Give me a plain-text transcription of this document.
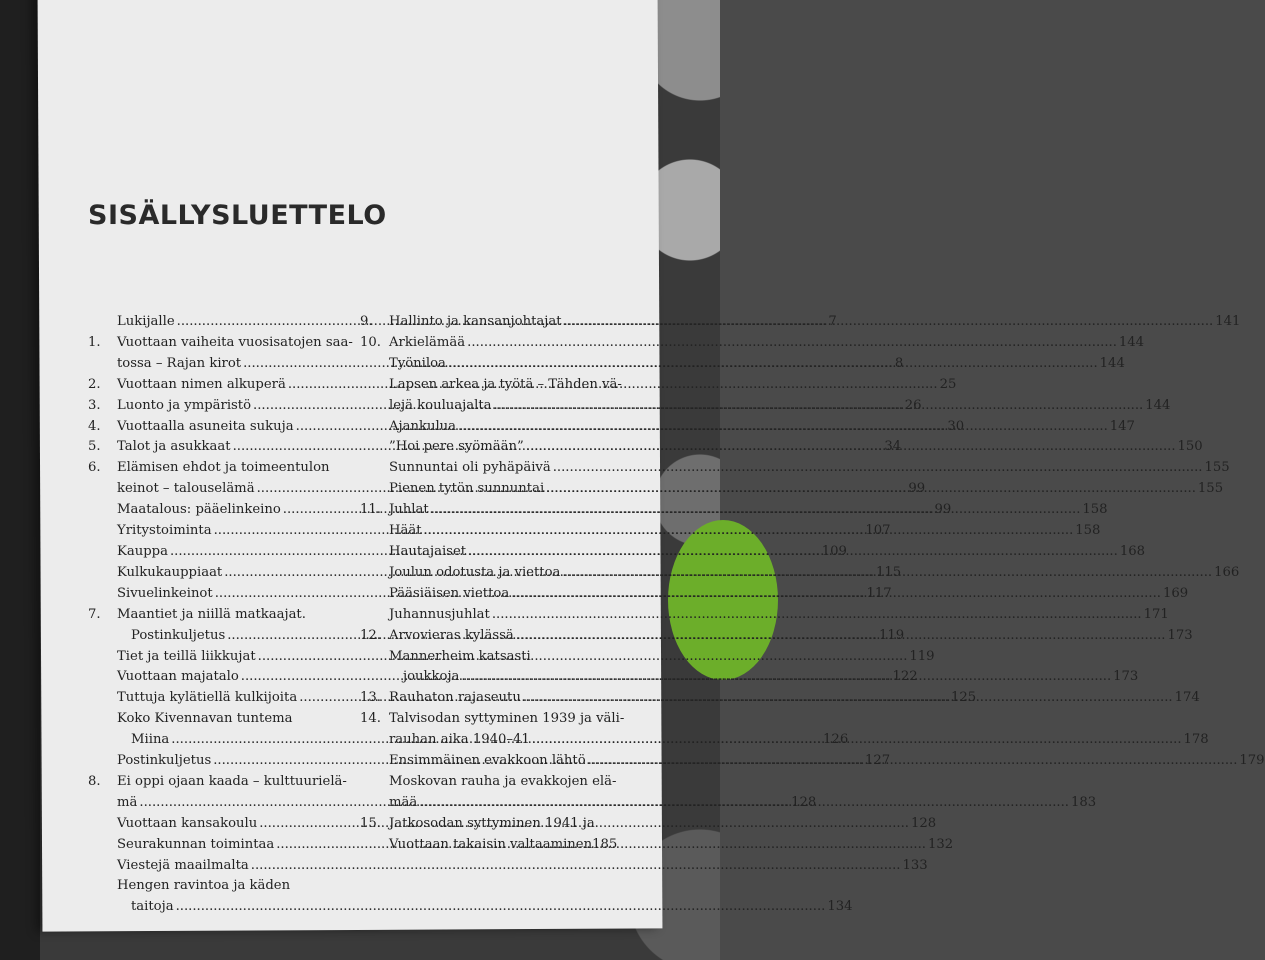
SISÄLLYSLUETTELO
Lukijalle .....	7
1.	Vuottaan vaiheita vuosisatojen saa-
tossa – Rajan kirot .....	8
2.	Vuottaan nimen alkuperä .....	25
3.	Luonto ja ympäristö .....	26
4.	Vuottaalla asuneita sukuja .....	30
5.	Talot ja asukkaat .....	34
6.	Elämisen ehdot ja toimeentulon
keinot – talouselämä .....	99
Maatalous: pääelinkeino .....	99
Yritystoiminta .....	107
Kauppa .....	109
Kulkukauppiaat .....	115
Sivuelinkeinot .....	117
7.	Maantiet ja niillä matkaajat.
Postinkuljetus .....	119
Tiet ja teillä liikkujat .....	119
Vuottaan majatalo .....	122
Tuttuja kylätiellä kulkijoita .....	125
Koko Kivennavan tuntema
Miina .....	126
Postinkuljetus .....	127
8.	Ei oppi ojaan kaada – kulttuurielä-
mä .....	128
Vuottaan kansakoulu .....	128
Seurakunnan toimintaa .....	132
Viestejä maailmalta .....	133
Hengen ravintoa ja käden
taitoja .....	134
9.	Hallinto ja kansanjohtajat .....	141
10. Arkielämää .....	144
Työniloa .....	144
Lapsen arkea ja työtä – Tähden vä-
lejä kouluajalta .....	144
Ajankulua .....	147
”Hoi pere syömään” .....	150
Sunnuntai oli pyhäpäivä .....	155
Pienen tytön sunnuntai .....	155
11. Juhlat .....	158
Häät .....	158
Hautajaiset .....	168
Joulun odotusta ja viettoa .....	166
Pääsiäisen viettoa .....	169
Juhannusjuhlat .....	171
12. Arvovieras kylässä .....	173
Mannerheim katsasti
joukkoja .....	173
13. Rauhaton rajaseutu .....	174
14. Talvisodan syttyminen 1939 ja väli-
rauhan aika 1940–41 .....	178
Ensimmäinen evakkoon lähtö .....	179
Moskovan rauha ja evakkojen elä-
mää .....	183
15. Jatkosodan syttyminen 1941 ja
Vuottaan takaisin valtaaminen 185
